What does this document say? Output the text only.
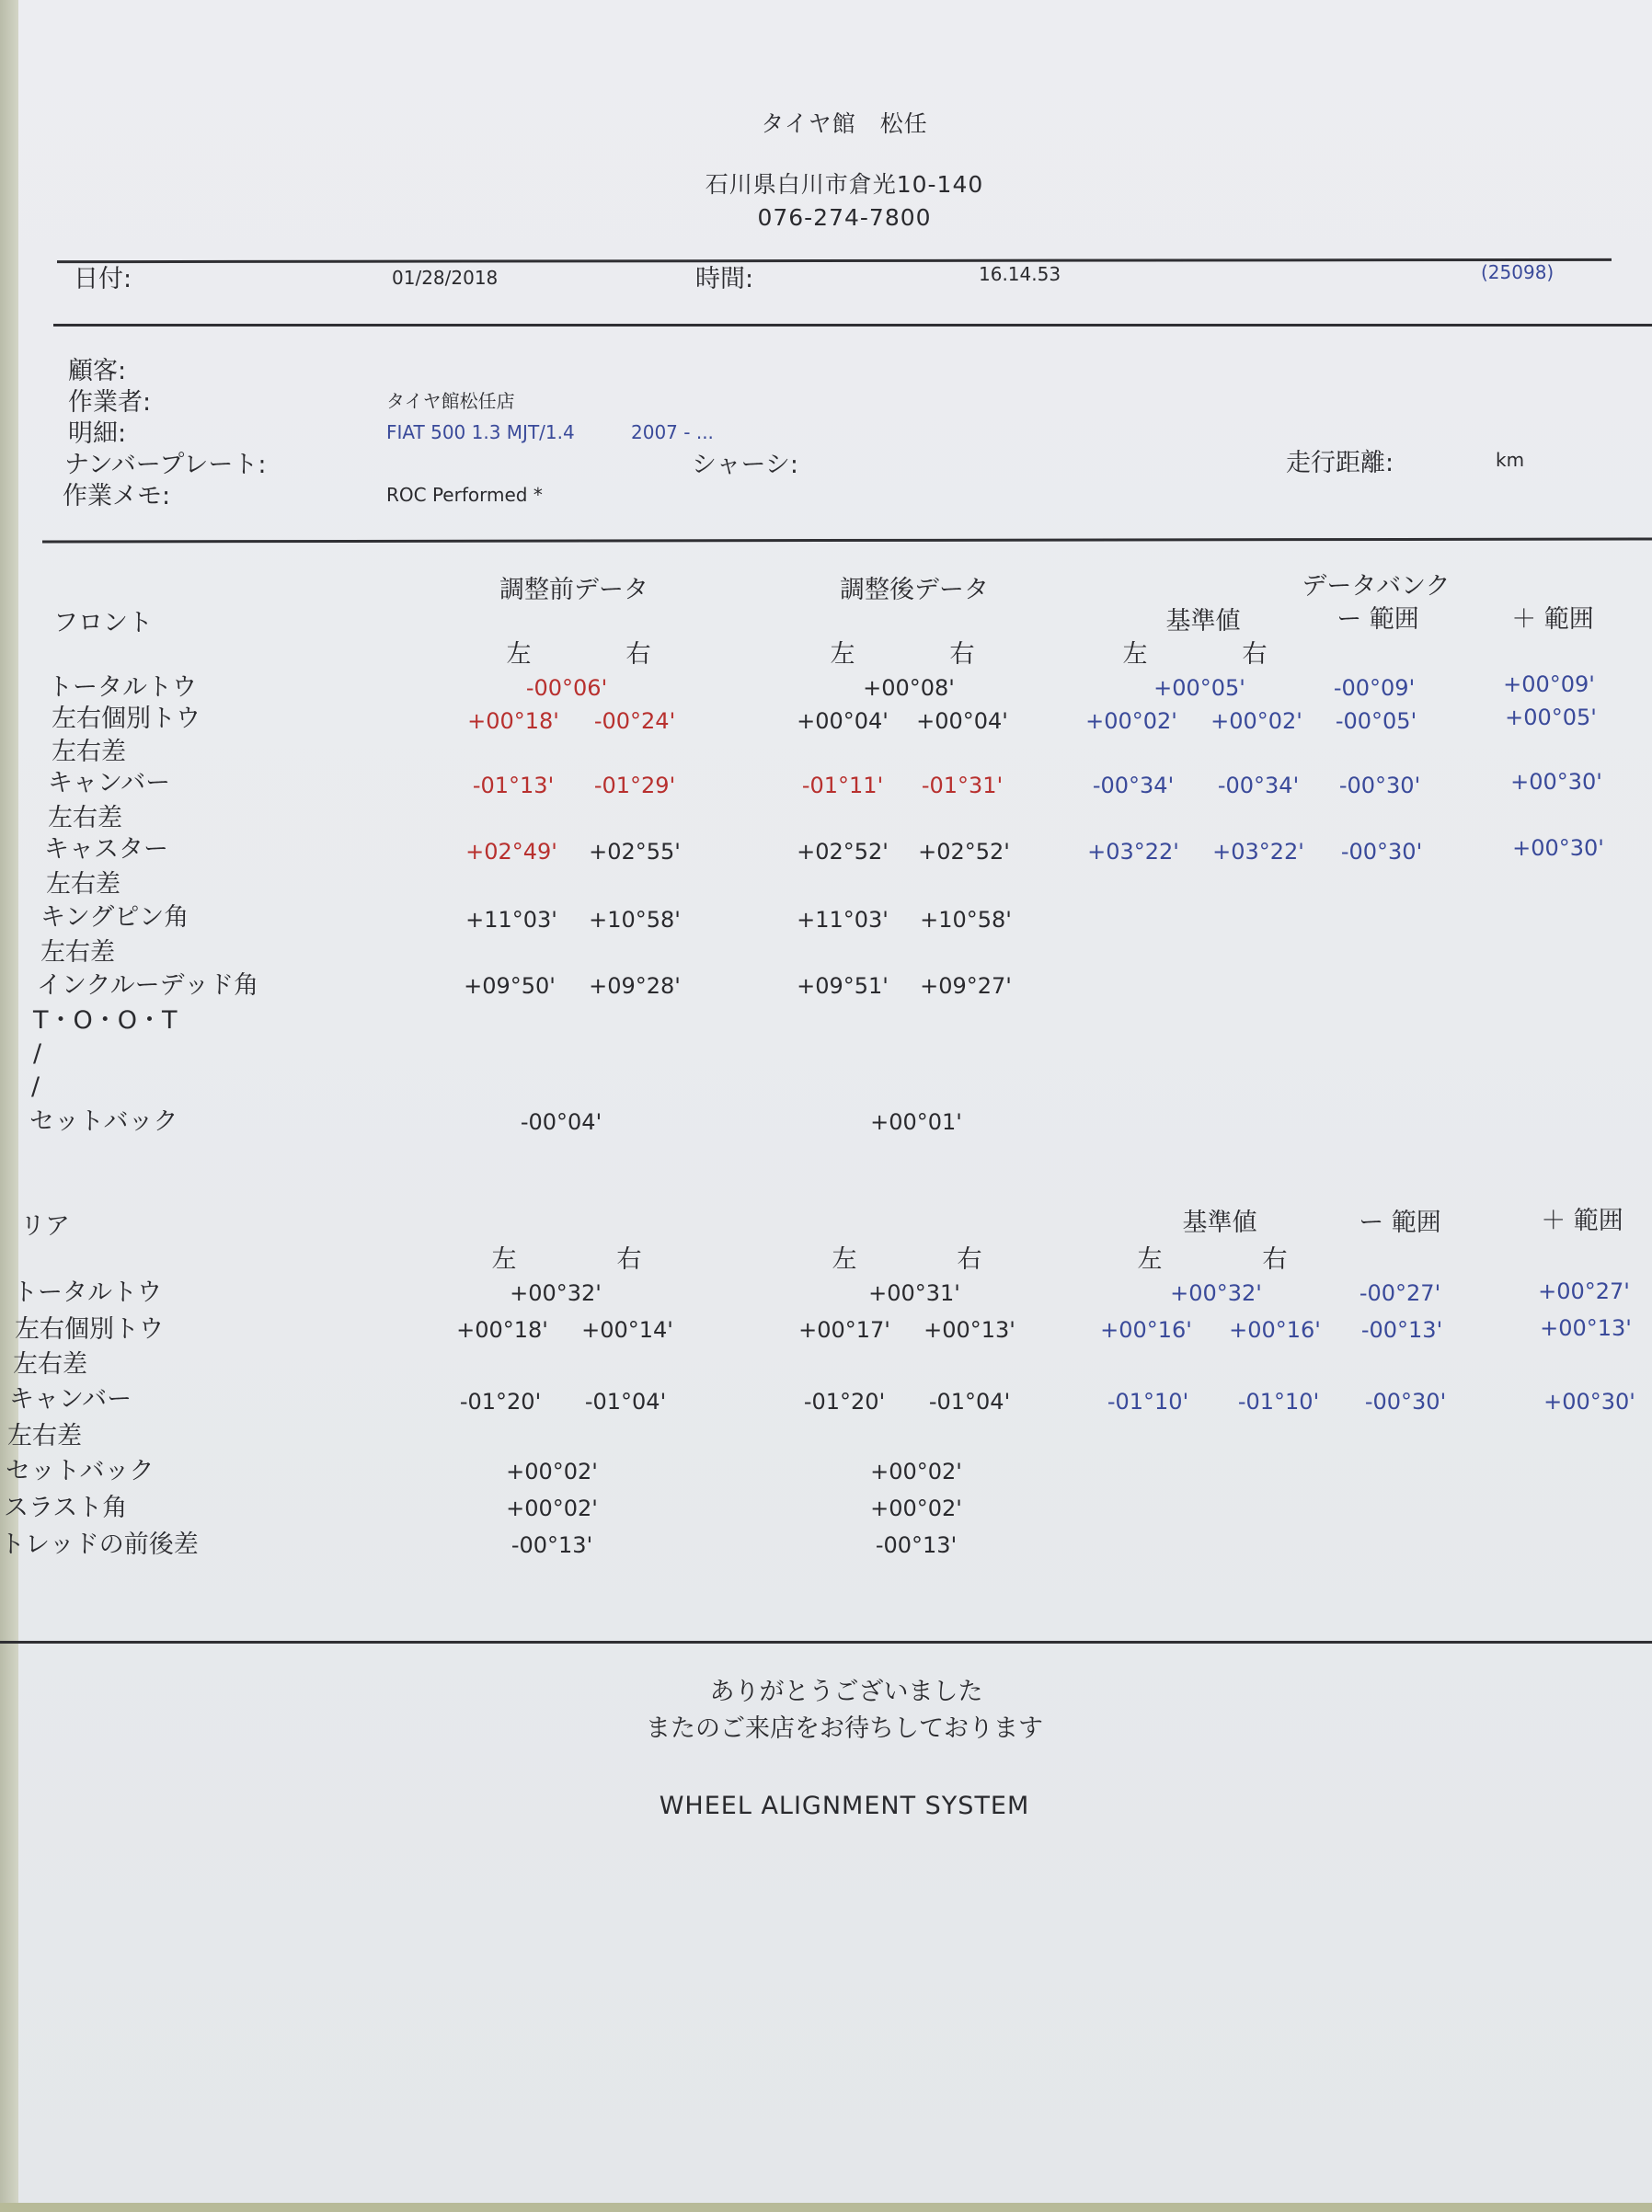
タイヤ館　松任
石川県白川市倉光10-140
076-274-7800
日付:	01/28/2018	時間:	16.14.53	(25098)
顧客:
作業者:	タイヤ館松任店
明細:	FIAT 500 1.3 MJT/1.4	2007 - ...
ナンバープレート:	シャーシ:	走行距離:	km
作業メモ:	ROC Performed *
調整前データ	調整後データ	データバンク
フロント	基準値	ー 範囲	＋ 範囲
左	右	左	右	左	右
トータルトウ	-00°06'	+00°08'	+00°05'	-00°09'	+00°09'
左右個別トウ	+00°18' -00°24'	+00°04' +00°04'	+00°02' +00°02' -00°05'	+00°05'
左右差
キャンバー	-01°13' -01°29'	-01°11' -01°31'	-00°34' -00°34' -00°30'	+00°30'
左右差
キャスター	+02°49' +02°55'	+02°52' +02°52'	+03°22' +03°22' -00°30'	+00°30'
左右差
キングピン角	+11°03' +10°58'	+11°03' +10°58'
左右差
インクルーデッド角	+09°50' +09°28'	+09°51' +09°27'
T・O・O・T
/
/
セットバック	-00°04'	+00°01'
リア	基準値	ー 範囲	＋ 範囲
左	右	左	右	左	右
トータルトウ	+00°32'	+00°31'	+00°32'	-00°27'	+00°27'
左右個別トウ	+00°18' +00°14'	+00°17' +00°13'	+00°16' +00°16' -00°13'	+00°13'
左右差
キャンバー	-01°20' -01°04'	-01°20' -01°04'	-01°10' -01°10' -00°30'	+00°30'
左右差
セットバック	+00°02'	+00°02'
スラスト角	+00°02'	+00°02'
トレッドの前後差	-00°13'	-00°13'
ありがとうございました
またのご来店をお待ちしております
WHEEL ALIGNMENT SYSTEM
